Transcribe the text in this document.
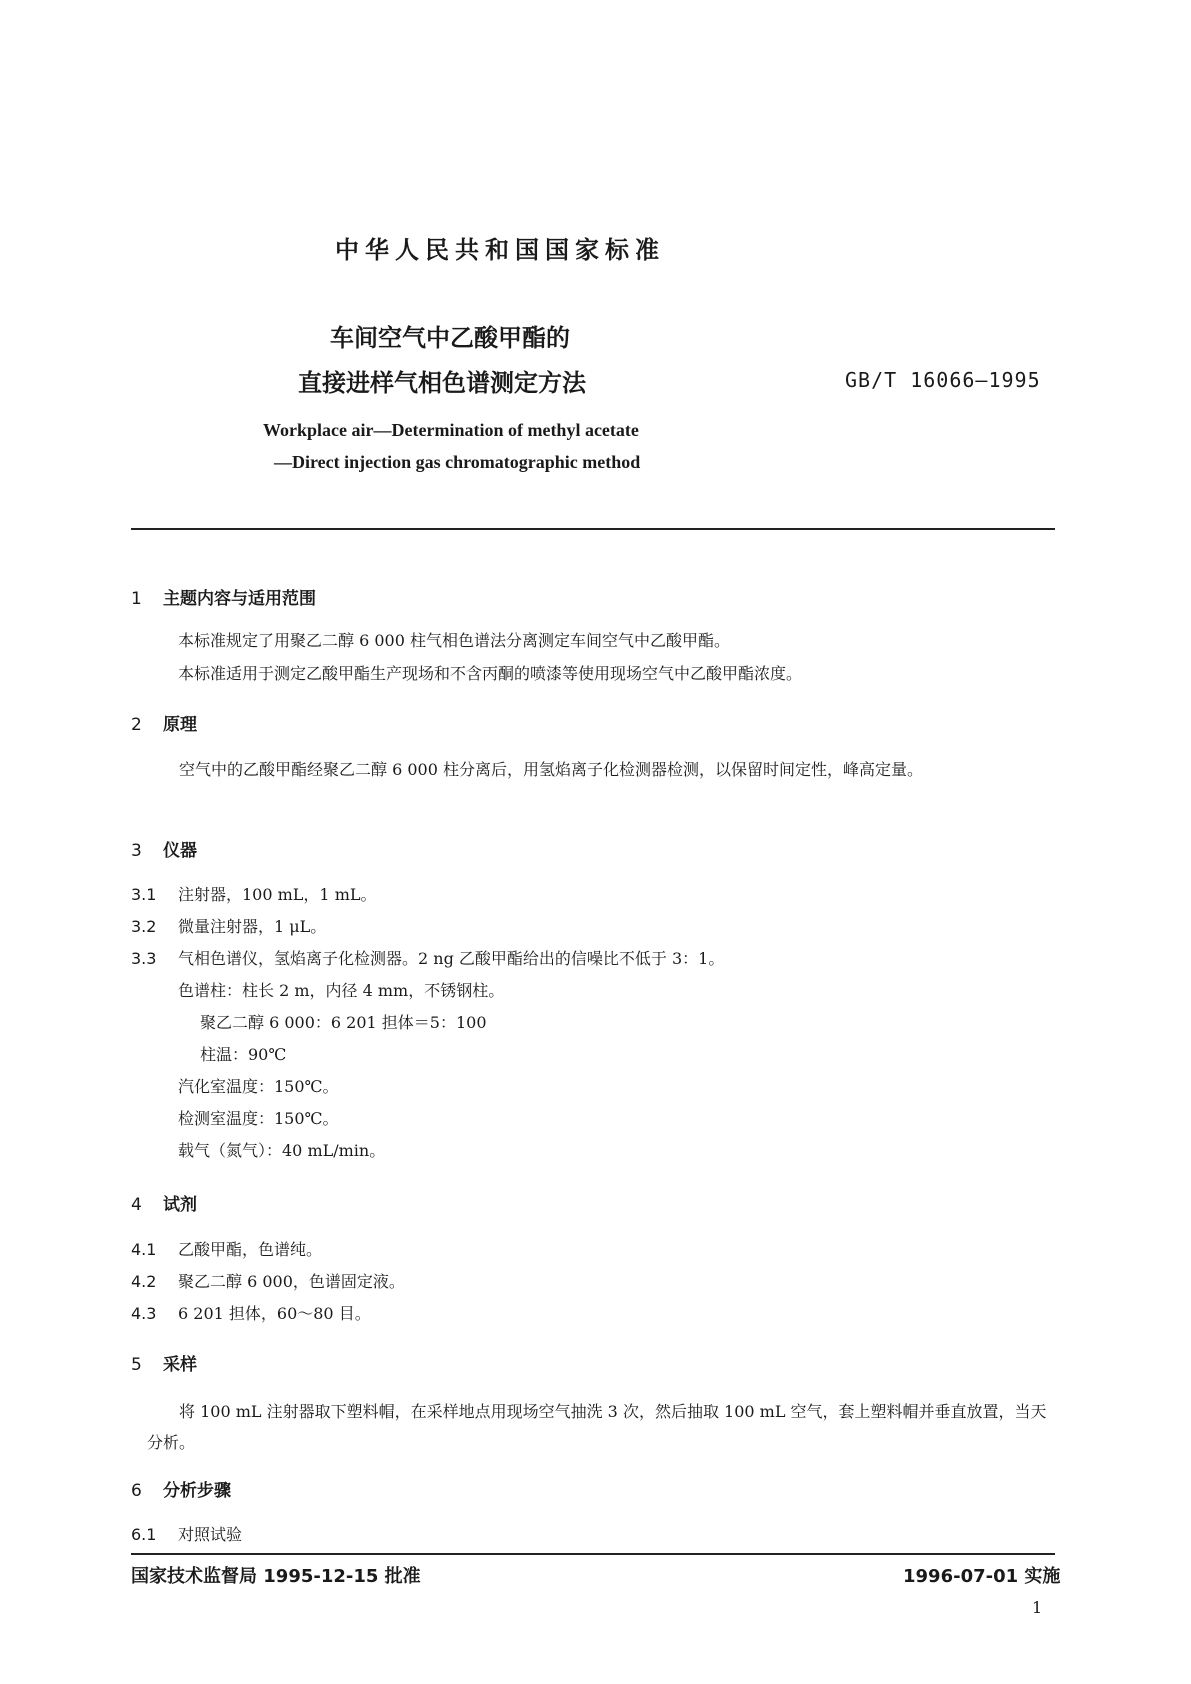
中华人民共和国国家标准
车间空气中乙酸甲酯的
直接进样气相色谱测定方法	GB/T 16066—1995
Workplace air—Determination of methyl acetate
—Direct injection gas chromatographic method
1 主题内容与适用范围
本标准规定了用聚乙二醇 6 000 柱气相色谱法分离测定车间空气中乙酸甲酯。
本标准适用于测定乙酸甲酯生产现场和不含丙酮的喷漆等使用现场空气中乙酸甲酯浓度。
2 原理
空气中的乙酸甲酯经聚乙二醇 6 000 柱分离后，用氢焰离子化检测器检测，以保留时间定性，峰高定量。
3 仪器
3.1 注射器，100 mL，1 mL。
3.2 微量注射器，1 μL。
3.3 气相色谱仪，氢焰离子化检测器。2 ng 乙酸甲酯给出的信噪比不低于 3：1。
色谱柱：柱长 2 m，内径 4 mm，不锈钢柱。
聚乙二醇 6 000：6 201 担体＝5：100
柱温：90℃
汽化室温度：150℃。
检测室温度：150℃。
载气（氮气）：40 mL/min。
4 试剂
4.1 乙酸甲酯，色谱纯。
4.2 聚乙二醇 6 000，色谱固定液。
4.3 6 201 担体，60～80 目。
5 采样
将 100 mL 注射器取下塑料帽，在采样地点用现场空气抽洗 3 次，然后抽取 100 mL 空气，套上塑料帽并垂直放置，当天分析。
6 分析步骤
6.1 对照试验
国家技术监督局 1995-12-15 批准	1996-07-01 实施
1
